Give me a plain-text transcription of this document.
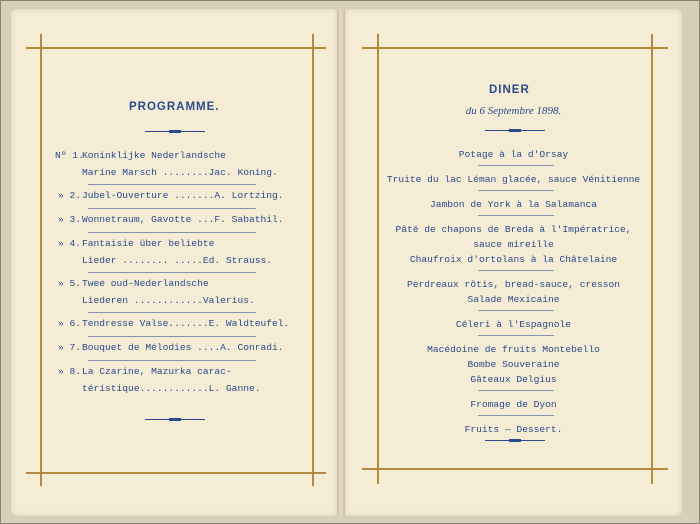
PROGRAMME.
Nº 1.
Koninklijke Nederlandsche
Marine Marsch ........Jac. Koning.
» 2. Jubel-Ouverture .......A. Lortzing.
» 3. Wonnetraum, Gavotte ...F. Sabathil.
» 4. Fantaisie über beliebte
Lieder ........ .....Ed. Strauss.
» 5. Twee oud-Nederlandsche
Liederen ............Valerius.
» 6. Tendresse Valse.......E. Waldteufel.
» 7. Bouquet de Mélodies ....A. Conradi.
» 8. La Czarine, Mazurka carac-
téristique............L. Ganne.
DINER
du 6 Septembre 1898.
Potage à la d'Orsay
Truite du lac Léman glacée, sauce Vénitienne
Jambon de York à la Salamanca
Pâté de chapons de Breda à l'Impératrice,
sauce mireille
Chaufroix d'ortolans à la Châtelaine
Perdreaux rôtis, bread-sauce, cresson
Salade Mexicaine
Céleri à l'Espagnole
Macédoine de fruits Montebello
Bombe Souveraine
Gâteaux Delgius
Fromage de Dyon
Fruits — Dessert.
